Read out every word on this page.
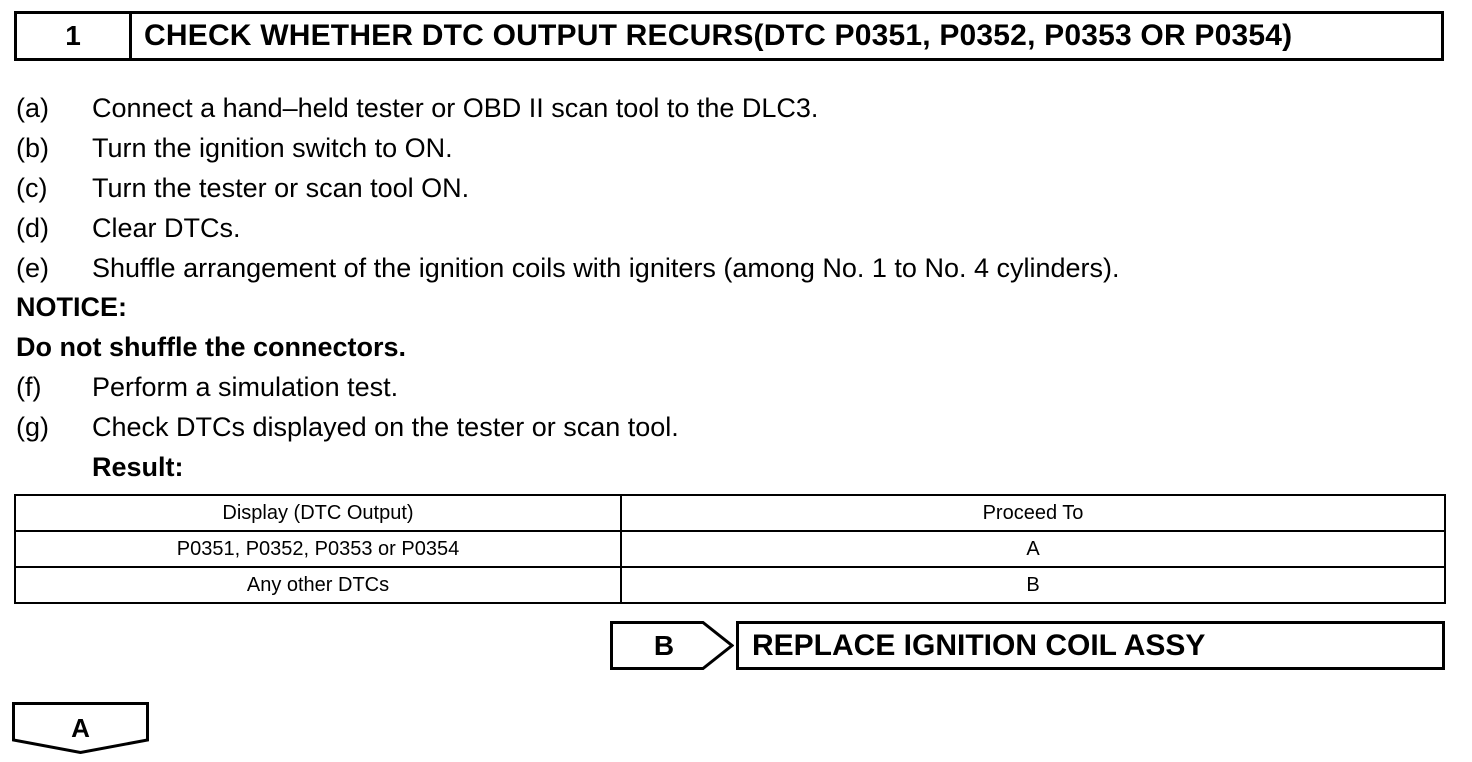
1	CHECK WHETHER DTC OUTPUT RECURS(DTC P0351, P0352, P0353 OR P0354)
(a) Connect a hand–held tester or OBD II scan tool to the DLC3.
(b) Turn the ignition switch to ON.
(c) Turn the tester or scan tool ON.
(d) Clear DTCs.
(e) Shuffle arrangement of the ignition coils with igniters (among No. 1 to No. 4 cylinders).
NOTICE:
Do not shuffle the connectors.
(f) Perform a simulation test.
(g) Check DTCs displayed on the tester or scan tool.
Result:
Display (DTC Output)	Proceed To
P0351, P0352, P0353 or P0354	A
Any other DTCs	B
B	REPLACE IGNITION COIL ASSY
A
